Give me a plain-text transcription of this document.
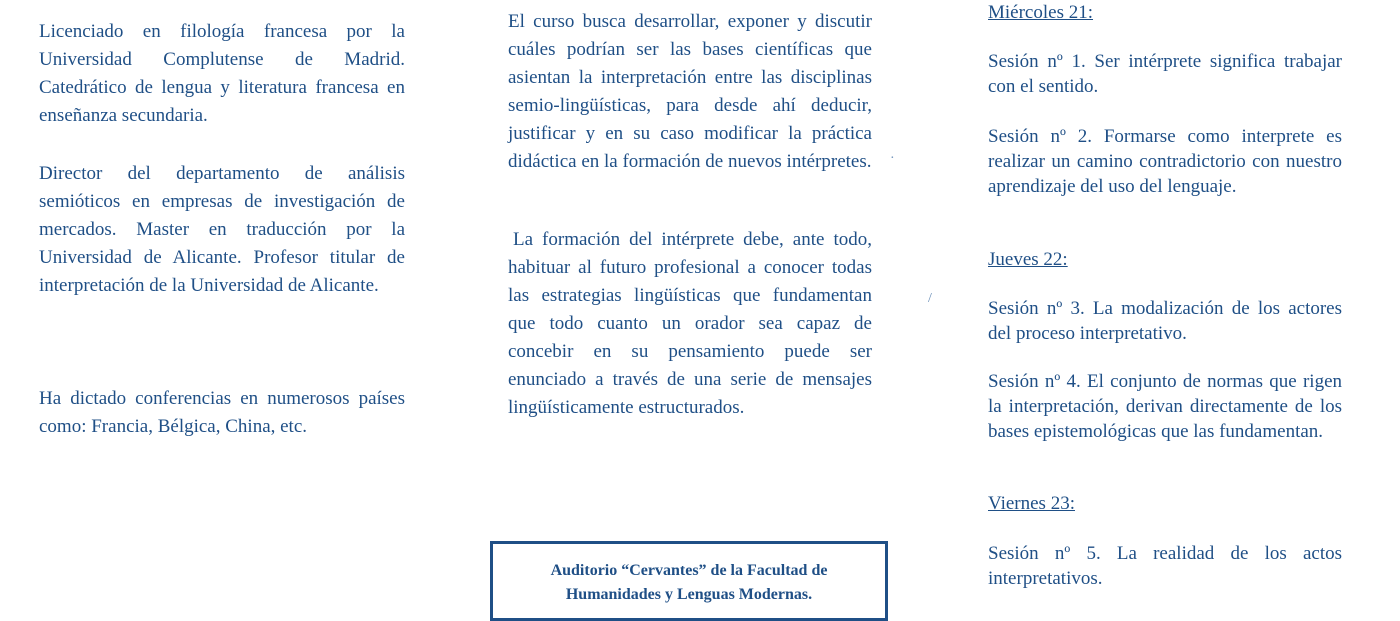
Licenciado en filología francesa por la Universidad Complutense de Madrid. Catedrático de lengua y literatura francesa en enseñanza secundaria.

Director del departamento de análisis semióticos en empresas de investigación de mercados. Master en traducción por la Universidad de Alicante. Profesor titular de interpretación de la Universidad de Alicante.

Ha dictado conferencias en numerosos países como: Francia, Bélgica, China, etc.

El curso busca desarrollar, exponer y discutir cuáles podrían ser las bases científicas que asientan la interpretación entre las disciplinas semio-lingüísticas, para desde ahí deducir, justificar y en su caso modificar la práctica didáctica en la formación de nuevos intérpretes.

La formación del intérprete debe, ante todo, habituar al futuro profesional a conocer todas las estrategias lingüísticas que fundamentan que todo cuanto un orador sea capaz de concebir en su pensamiento puede ser enunciado a través de una serie de mensajes lingüísticamente estructurados.

Auditorio “Cervantes” de la Facultad de
Humanidades y Lenguas Modernas.
Miércoles 21:

Sesión nº 1. Ser intérprete significa trabajar con el sentido.

Sesión nº 2. Formarse como interprete es realizar un camino contradictorio con nuestro aprendizaje del uso del lenguaje.

Jueves 22:

Sesión nº 3. La modalización de los actores del proceso interpretativo.

Sesión nº 4. El conjunto de normas que rigen la interpretación, derivan directamente de los bases epistemológicas que las fundamentan.

Viernes 23:

Sesión nº 5. La realidad de los actos interpretativos.

/
·
